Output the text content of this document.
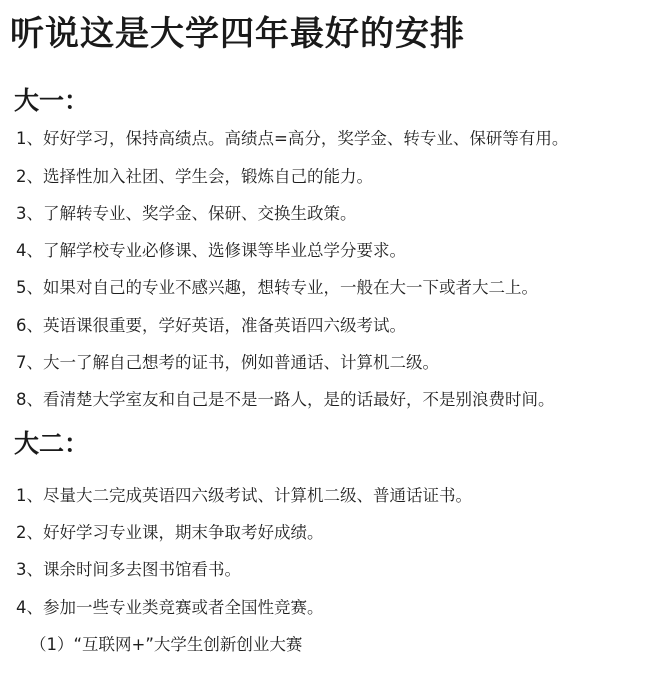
听说这是大学四年最好的安排
大一：
1、好好学习，保持高绩点。高绩点=高分，奖学金、转专业、保研等有用。
2、选择性加入社团、学生会，锻炼自己的能力。
3、了解转专业、奖学金、保研、交换生政策。
4、了解学校专业必修课、选修课等毕业总学分要求。
5、如果对自己的专业不感兴趣，想转专业，一般在大一下或者大二上。
6、英语课很重要，学好英语，准备英语四六级考试。
7、大一了解自己想考的证书，例如普通话、计算机二级。
8、看清楚大学室友和自己是不是一路人，是的话最好，不是别浪费时间。
大二：
1、尽量大二完成英语四六级考试、计算机二级、普通话证书。
2、好好学习专业课，期末争取考好成绩。
3、课余时间多去图书馆看书。
4、参加一些专业类竞赛或者全国性竞赛。
（1）“互联网+”大学生创新创业大赛
